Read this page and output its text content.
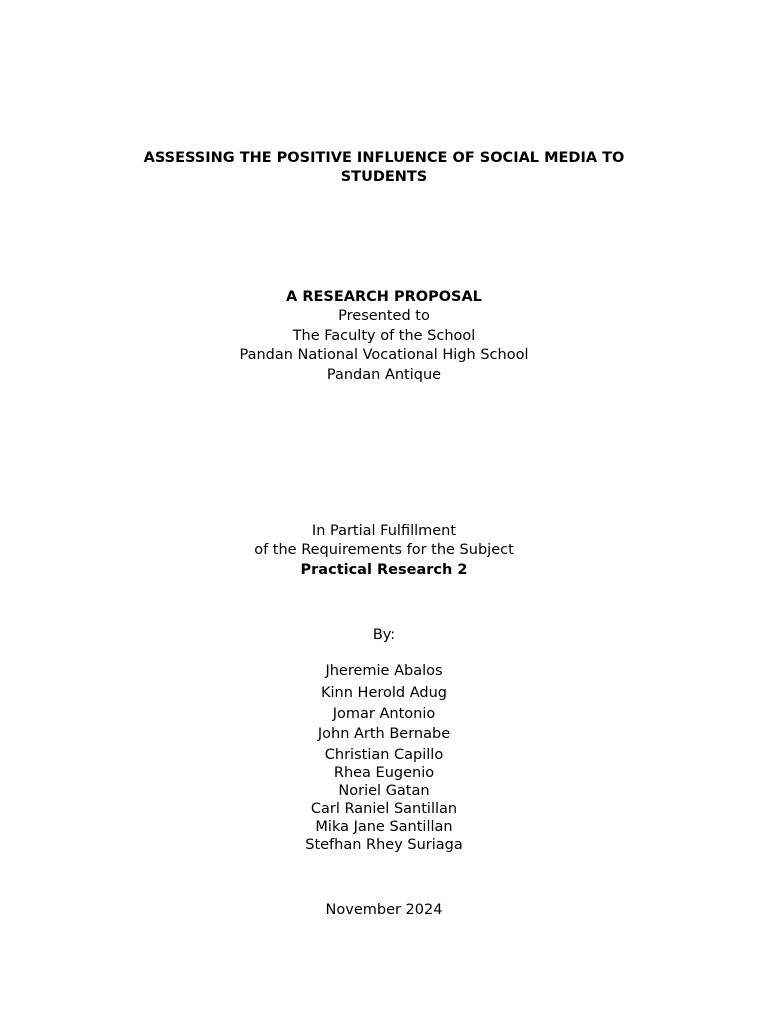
ASSESSING THE POSITIVE INFLUENCE OF SOCIAL MEDIA TO STUDENTS
A RESEARCH PROPOSAL
Presented to
The Faculty of the School
Pandan National Vocational High School
Pandan Antique
In Partial Fulfillment
of the Requirements for the Subject
Practical Research 2
By:
Jheremie Abalos
Kinn Herold Adug
Jomar Antonio
John Arth Bernabe
Christian Capillo
Rhea Eugenio
Noriel Gatan
Carl Raniel Santillan
Mika Jane Santillan
Stefhan Rhey Suriaga
November 2024
